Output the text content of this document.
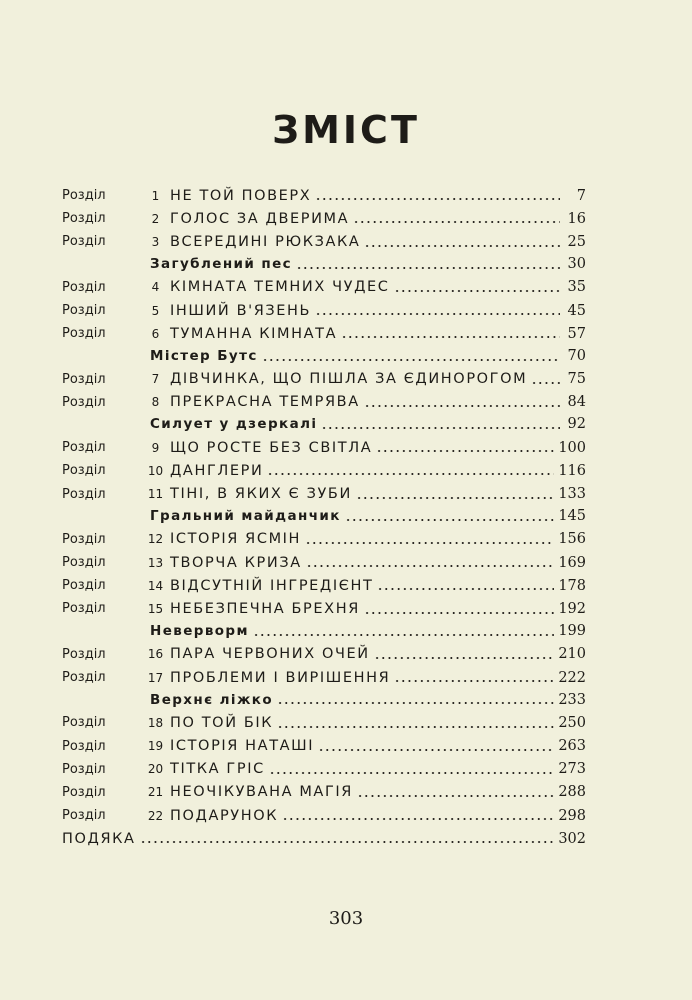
ЗМІСТ
Розділ	1 НЕ ТОЙ ПОВЕРХ	7
Розділ	2 ГОЛОС ЗА ДВЕРИМА	16
Розділ	3 ВСЕРЕДИНІ РЮКЗАКА	25
Загублений пес	30
Розділ	4 КІМНАТА ТЕМНИХ ЧУДЕС	35
Розділ	5 ІНШИЙ В'ЯЗЕНЬ	45
Розділ	6 ТУМАННА КІМНАТА	57
Містер Бутс	70
Розділ	7 ДІВЧИНКА, ЩО ПІШЛА ЗА ЄДИНОРОГОМ	75
Розділ	8 ПРЕКРАСНА ТЕМРЯВА	84
Силует у дзеркалі	92
Розділ	9 ЩО РОСТЕ БЕЗ СВІТЛА	100
Розділ	10 ДАНГЛЕРИ	116
Розділ	11 ТІНІ, В ЯКИХ Є ЗУБИ	133
Гральний майданчик	145
Розділ	12 ІСТОРІЯ ЯСМІН	156
Розділ	13 ТВОРЧА КРИЗА	169
Розділ	14 ВІДСУТНІЙ ІНГРЕДІЄНТ	178
Розділ	15 НЕБЕЗПЕЧНА БРЕХНЯ	192
Неверворм	199
Розділ	16 ПАРА ЧЕРВОНИХ ОЧЕЙ	210
Розділ	17 ПРОБЛЕМИ І ВИРІШЕННЯ	222
Верхнє ліжко	233
Розділ	18 ПО ТОЙ БІК	250
Розділ	19 ІСТОРІЯ НАТАШІ	263
Розділ	20 ТІТКА ГРІС	273
Розділ	21 НЕОЧІКУВАНА МАГІЯ	288
Розділ	22 ПОДАРУНОК	298
ПОДЯКА	302
303
